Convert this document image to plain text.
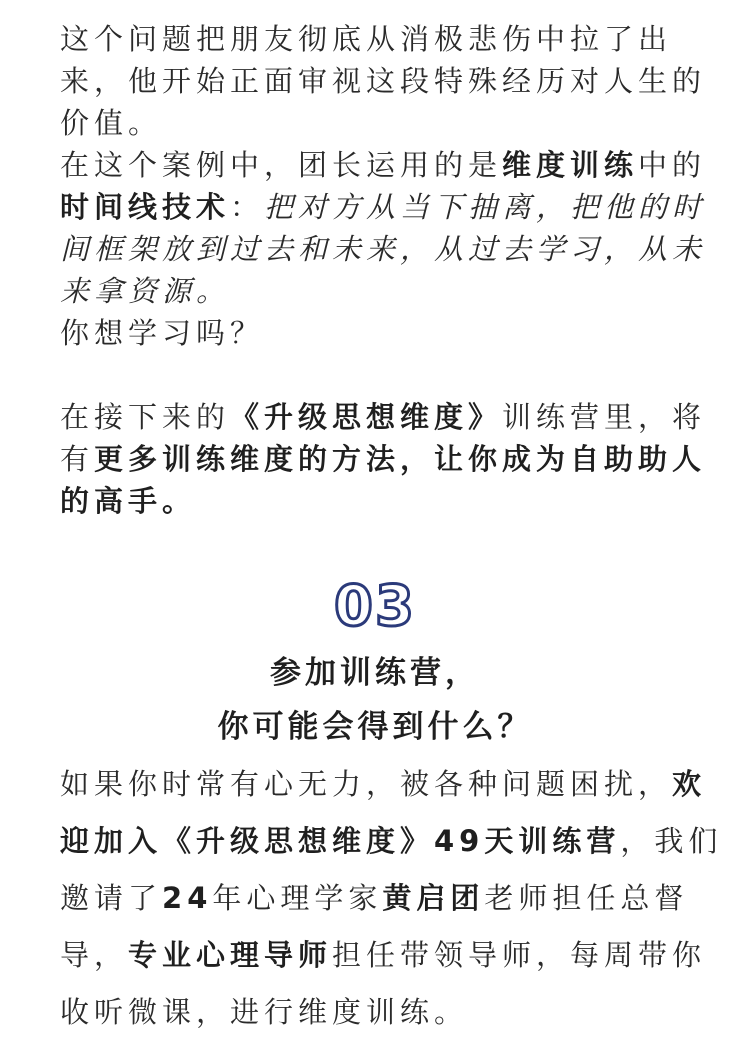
这个问题把朋友彻底从消极悲伤中拉了出
来，他开始正面审视这段特殊经历对人生的
价值。
在这个案例中，团长运用的是维度训练中的
时间线技术：把对方从当下抽离，把他的时
间框架放到过去和未来，从过去学习，从未
来拿资源。
你想学习吗？
在接下来的《升级思想维度》训练营里，将
有更多训练维度的方法，让你成为自助助人
的高手。
03
参加训练营，
你可能会得到什么？
如果你时常有心无力，被各种问题困扰，欢
迎加入《升级思想维度》49天训练营，我们
邀请了24年心理学家黄启团老师担任总督
导，专业心理导师担任带领导师，每周带你
收听微课，进行维度训练。
